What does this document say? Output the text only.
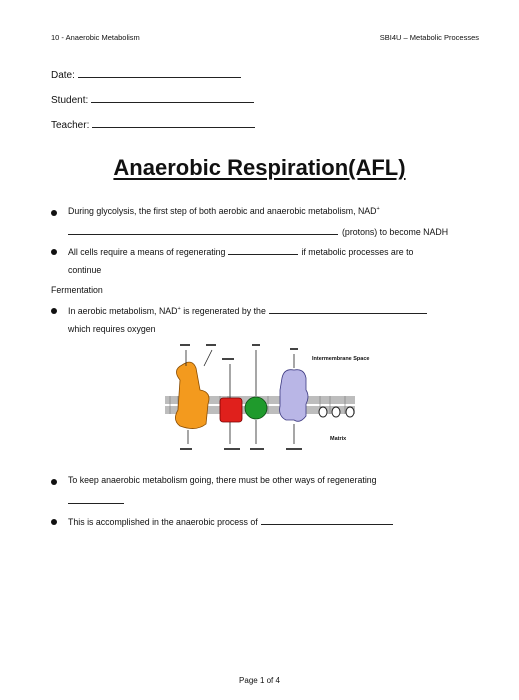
10 - Anaerobic Metabolism	SBI4U – Metabolic Processes
Date:
Student:
Teacher:
Anaerobic Respiration(AFL)
During glycolysis, the first step of both aerobic and anaerobic metabolism, NAD+
(protons) to become NADH
All cells require a means of regenerating	if metabolic processes are to
continue
Fermentation
In aerobic metabolism, NAD+ is regenerated by the
which requires oxygen
Intermembrane Space
Matrix
To keep anaerobic metabolism going, there must be other ways of regenerating
This is accomplished in the anaerobic process of
Page 1 of 4
